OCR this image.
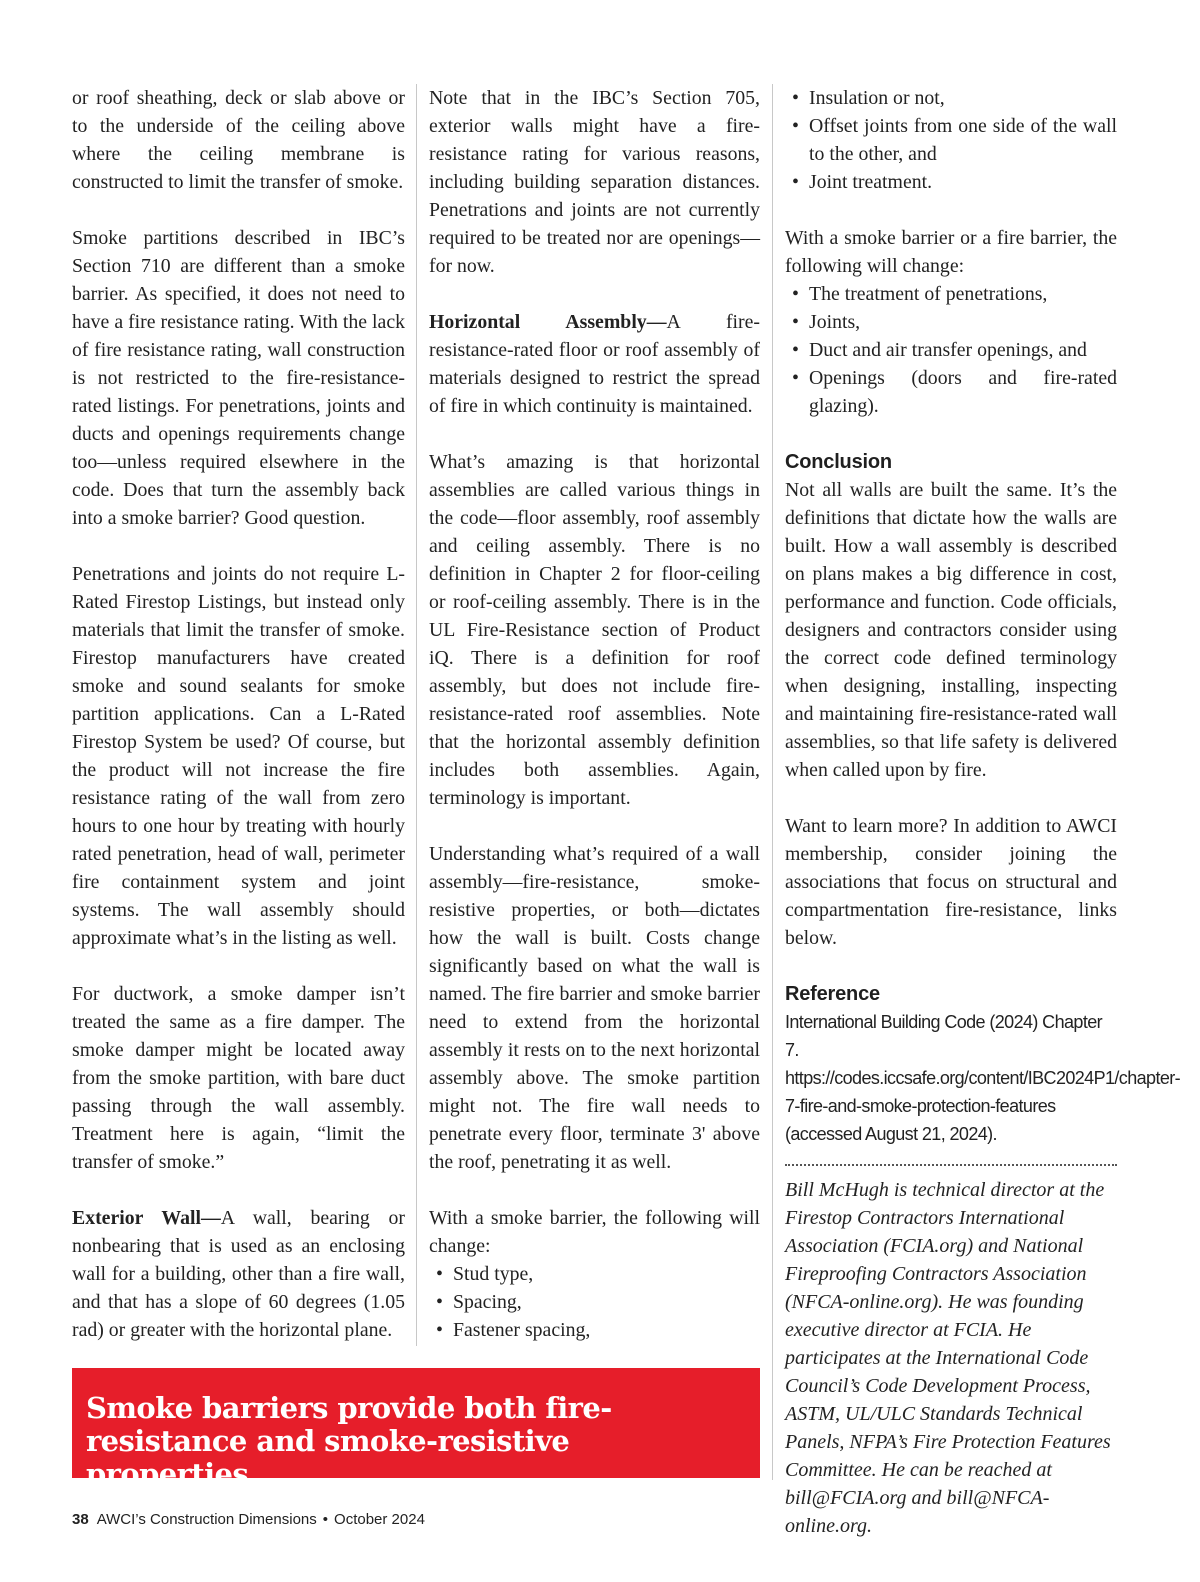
or roof sheathing, deck or slab above or to the underside of the ceiling above where the ceiling membrane is constructed to limit the transfer of smoke.

Smoke partitions described in IBC’s Section 710 are different than a smoke barrier. As specified, it does not need to have a fire resistance rating. With the lack of fire resistance rating, wall construction is not restricted to the fire-resistance-rated listings. For penetrations, joints and ducts and openings requirements change too—unless required elsewhere in the code. Does that turn the assembly back into a smoke barrier? Good question.

Penetrations and joints do not require L-Rated Firestop Listings, but instead only materials that limit the transfer of smoke. Firestop manufacturers have created smoke and sound sealants for smoke partition applications. Can a L-Rated Firestop System be used? Of course, but the product will not increase the fire resistance rating of the wall from zero hours to one hour by treating with hourly rated penetration, head of wall, perimeter fire containment system and joint systems. The wall assembly should approximate what’s in the listing as well.

For ductwork, a smoke damper isn’t treated the same as a fire damper. The smoke damper might be located away from the smoke partition, with bare duct passing through the wall assembly. Treatment here is again, “limit the transfer of smoke.”

Exterior Wall—A wall, bearing or nonbearing that is used as an enclosing wall for a building, other than a fire wall, and that has a slope of 60 degrees (1.05 rad) or greater with the horizontal plane.

Note that in the IBC’s Section 705, exterior walls might have a fire-resistance rating for various reasons, including building separation distances. Penetrations and joints are not currently required to be treated nor are openings—for now.

Horizontal Assembly—A fire-resistance-rated floor or roof assembly of materials designed to restrict the spread of fire in which continuity is maintained.

What’s amazing is that horizontal assemblies are called various things in the code—floor assembly, roof assembly and ceiling assembly. There is no definition in Chapter 2 for floor-ceiling or roof-ceiling assembly. There is in the UL Fire-Resistance section of Product iQ. There is a definition for roof assembly, but does not include fire-resistance-rated roof assemblies. Note that the horizontal assembly definition includes both assemblies. Again, terminology is important.

Understanding what’s required of a wall assembly—fire-resistance, smoke-resistive properties, or both—dictates how the wall is built. Costs change significantly based on what the wall is named. The fire barrier and smoke barrier need to extend from the horizontal assembly it rests on to the next horizontal assembly above. The smoke partition might not. The fire wall needs to penetrate every floor, terminate 3' above the roof, penetrating it as well.

With a smoke barrier, the following will change:

• Stud type,
• Spacing,
• Fastener spacing,
• Insulation or not,
• Offset joints from one side of the wall to the other, and
• Joint treatment.

With a smoke barrier or a fire barrier, the following will change:

• The treatment of penetrations,
• Joints,
• Duct and air transfer openings, and
• Openings (doors and fire-rated glazing).
Conclusion

Not all walls are built the same. It’s the definitions that dictate how the walls are built. How a wall assembly is described on plans makes a big difference in cost, performance and function. Code officials, designers and contractors consider using the correct code defined terminology when designing, installing, inspecting and maintaining fire-resistance-rated wall assemblies, so that life safety is delivered when called upon by fire.

Want to learn more? In addition to AWCI membership, consider joining the associations that focus on structural and compartmentation fire-resistance, links below.

Reference
International Building Code (2024) Chapter 7. https://codes.iccsafe.org/content/IBC2024P1/chapter-7-fire-and-smoke-protection-features (accessed August 21, 2024).

Bill McHugh is technical director at the Firestop Contractors International Association (FCIA.org) and National Fireproofing Contractors Association (NFCA-online.org). He was founding executive director at FCIA. He participates at the International Code Council’s Code Development Process, ASTM, UL/ULC Standards Technical Panels, NFPA’s Fire Protection Features Committee. He can be reached at bill@FCIA.org and bill@NFCA-online.org.

Smoke barriers provide both fire-resistance and smoke-resistive properties.
38 AWCI’s Construction Dimensions • October 2024
